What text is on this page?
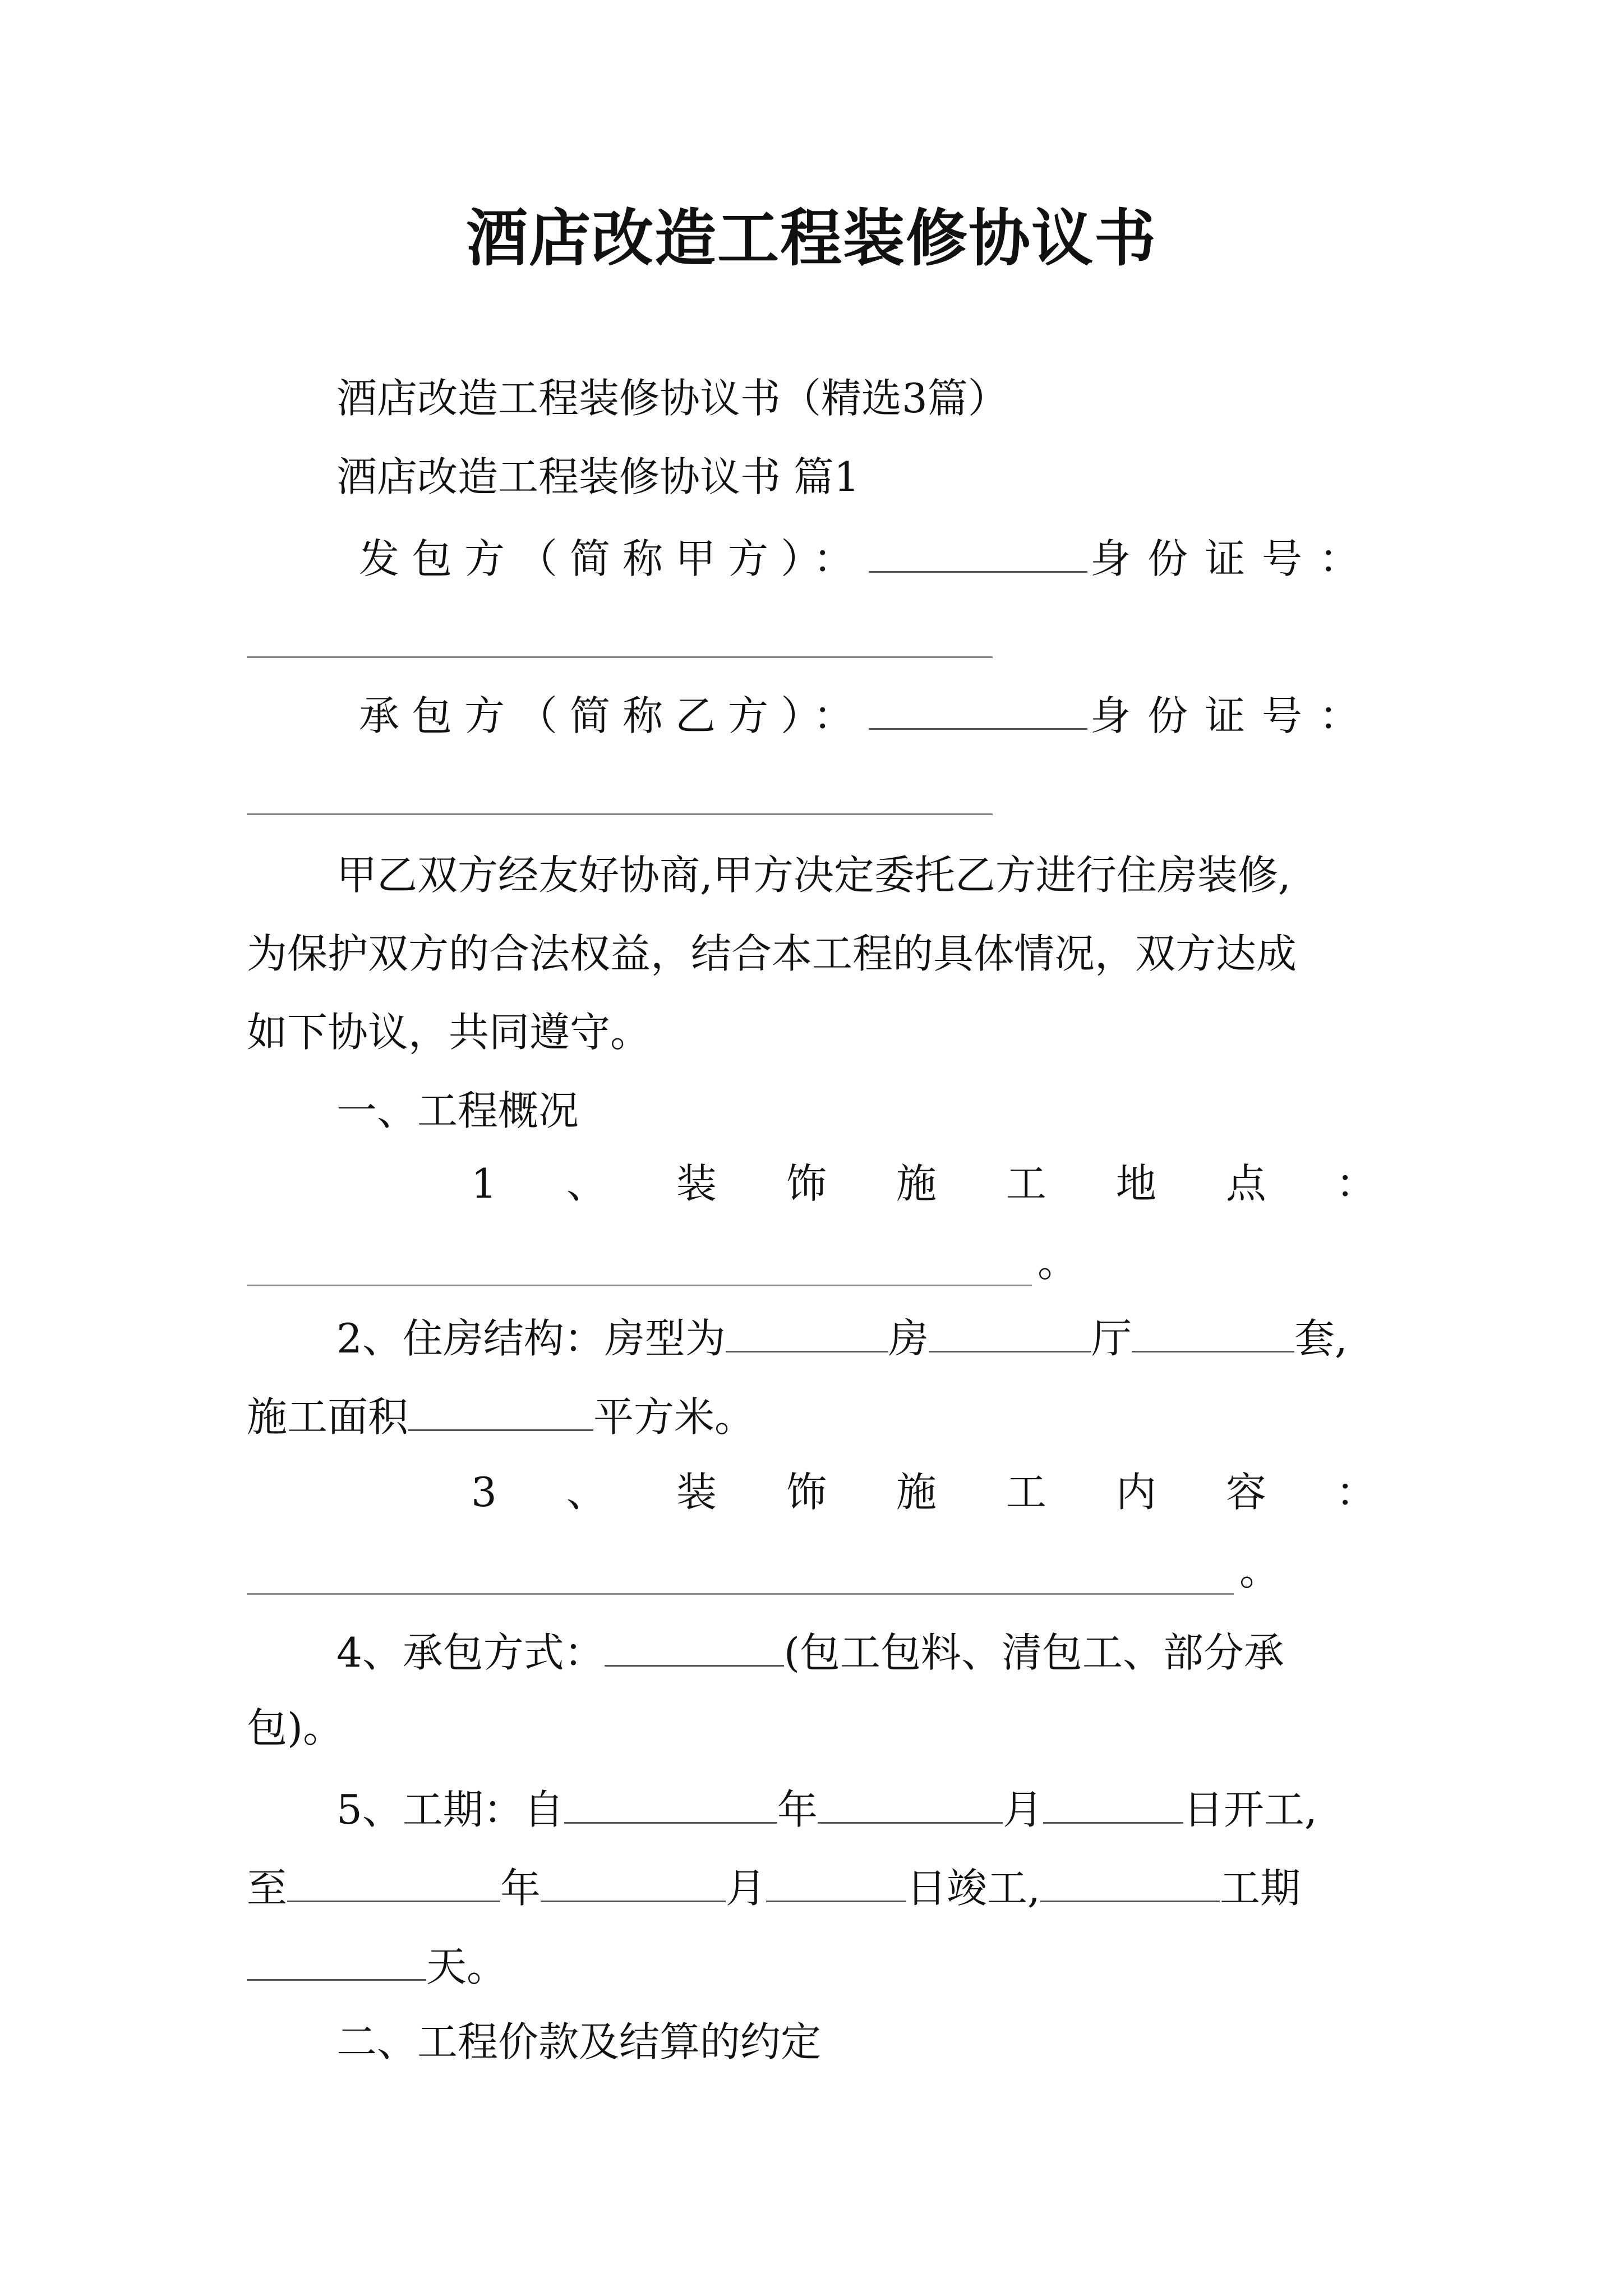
酒店改造工程装修协议书
酒店改造工程装修协议书（精选3篇）
酒店改造工程装修协议书 篇1
发包方（简称甲方）：	身份证号：
承包方（简称乙方）：	身份证号：
甲乙双方经友好协商,甲方决定委托乙方进行住房装修,
为保护双方的合法权益，结合本工程的具体情况，双方达成
如下协议，共同遵守。
一、工程概况
1 、 装 饰 施 工 地 点 ：
。
2、住房结构：房型为	房	厅	套,
施工面积	平方米。
3 、 装 饰 施 工 内 容 ：
。
4、承包方式：	(包工包料、清包工、部分承
包)。
5、工期：自	年	月	日开工,
至	年	月	日竣工,	工期
天。
二、工程价款及结算的约定
